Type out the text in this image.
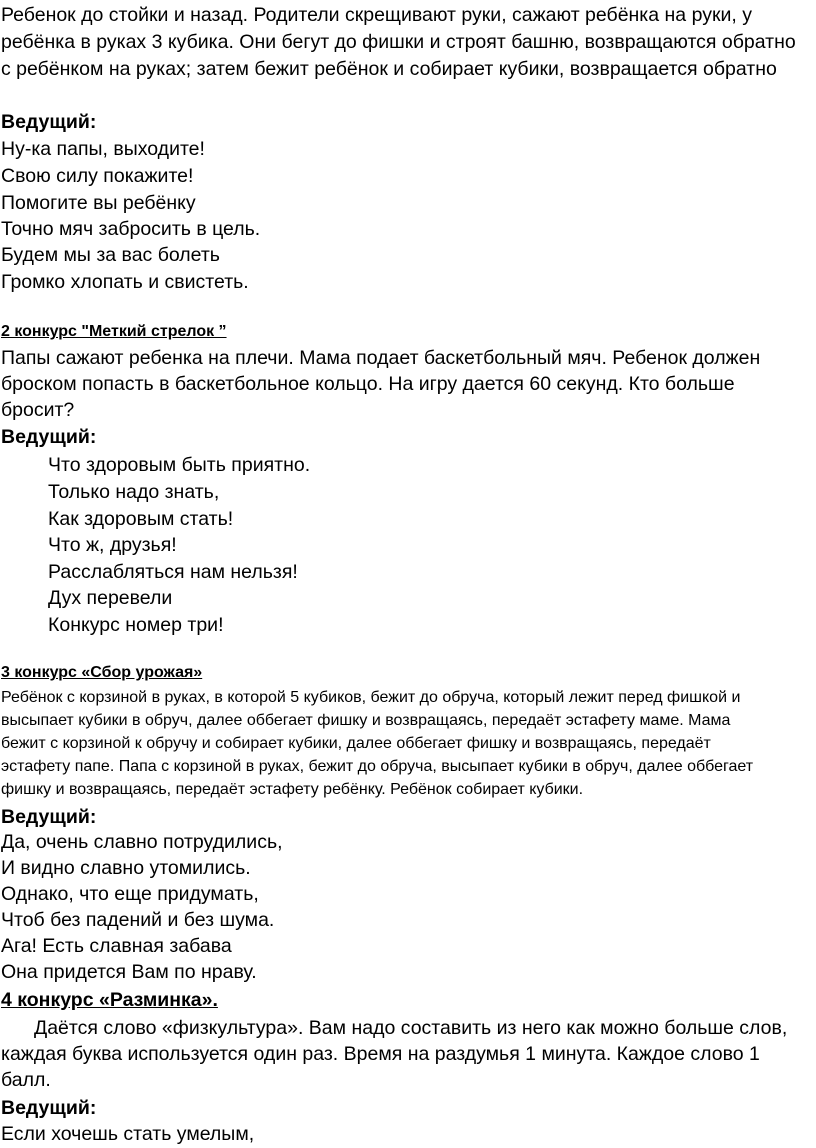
Ребенок до стойки и назад. Родители скрещивают руки, сажают ребёнка на руки, у
ребёнка в руках 3 кубика. Они бегут до фишки и строят башню, возвращаются обратно
с ребёнком на руках; затем бежит ребёнок и собирает кубики, возвращается обратно
Ведущий:
Ну-ка папы, выходите!
Свою силу покажите!
Помогите вы ребёнку
Точно мяч забросить в цель.
Будем мы за вас болеть
Громко хлопать и свистеть.
2 конкурс "Меткий стрелок ”
Папы сажают ребенка на плечи. Мама подает баскетбольный мяч. Ребенок должен
броском попасть в баскетбольное кольцо. На игру дается 60 секунд. Кто больше
бросит?
Ведущий:
Что здоровым быть приятно.
Только надо знать,
Как здоровым стать!
Что ж, друзья!
Расслабляться нам нельзя!
Дух перевели
Конкурс номер три!
3 конкурс «Сбор урожая»
Ребёнок с корзиной в руках, в которой 5 кубиков, бежит до обруча, который лежит перед фишкой и
высыпает кубики в обруч, далее оббегает фишку и возвращаясь, передаёт эстафету маме. Мама
бежит с корзиной к обручу и собирает кубики, далее оббегает фишку и возвращаясь, передаёт
эстафету папе. Папа с корзиной в руках, бежит до обруча, высыпает кубики в обруч, далее оббегает
фишку и возвращаясь, передаёт эстафету ребёнку. Ребёнок собирает кубики.
Ведущий:
Да, очень славно потрудились,
И видно славно утомились.
Однако, что еще придумать,
Чтоб без падений и без шума.
Ага! Есть славная забава
Она придется Вам по нраву.
4 конкурс «Разминка».
Даётся слово «физкультура». Вам надо составить из него как можно больше слов,
каждая буква используется один раз. Время на раздумья 1 минута. Каждое слово 1
балл.
Ведущий:
Если хочешь стать умелым,
